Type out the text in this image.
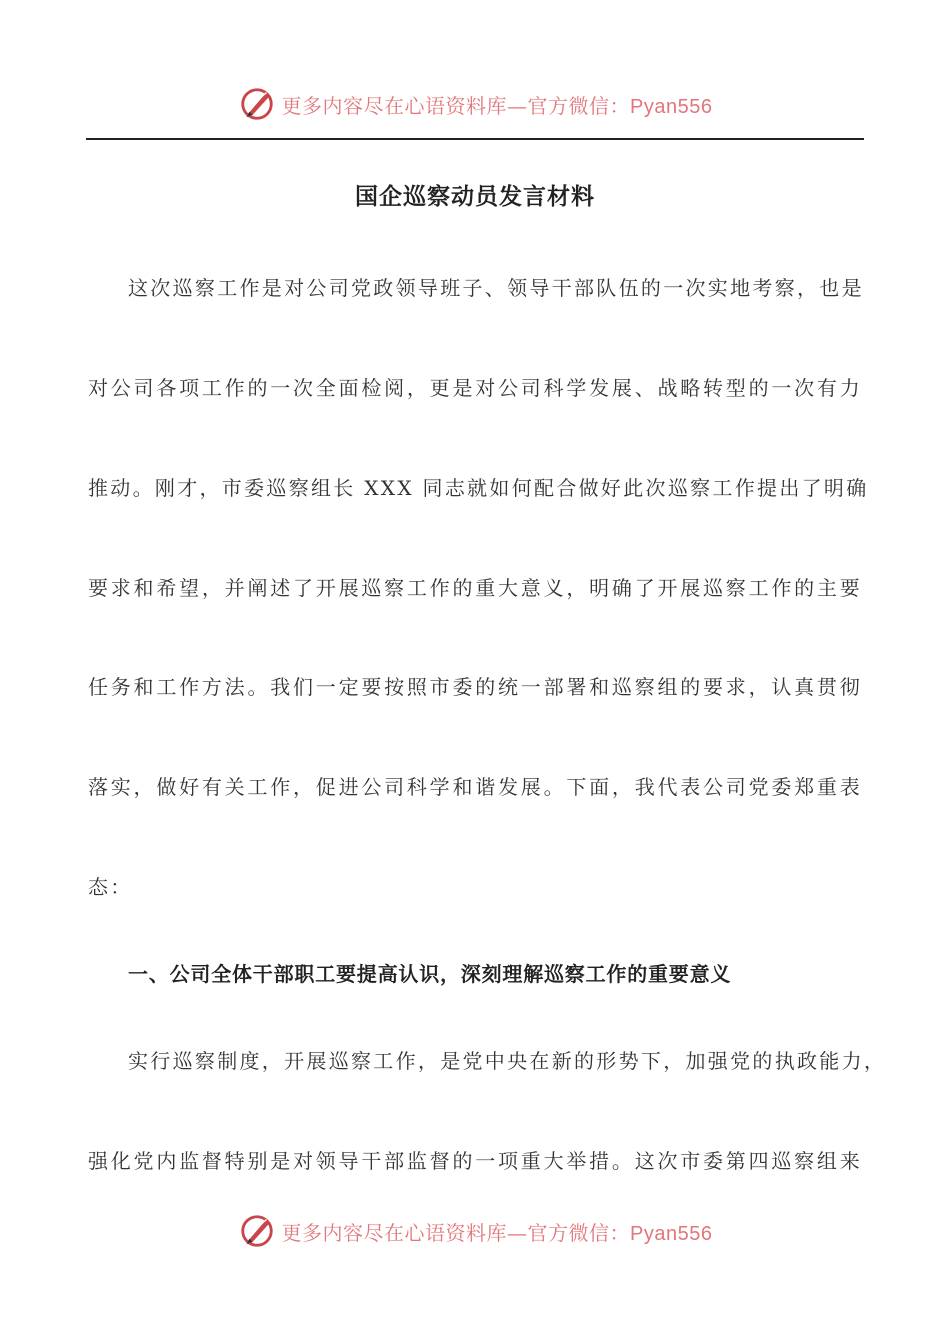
更多内容尽在心语资料库—官方微信：Pyan556
国企巡察动员发言材料
这次巡察工作是对公司党政领导班子、领导干部队伍的一次实地考察，也是
对公司各项工作的一次全面检阅，更是对公司科学发展、战略转型的一次有力
推动。刚才，市委巡察组长 XXX 同志就如何配合做好此次巡察工作提出了明确
要求和希望，并阐述了开展巡察工作的重大意义，明确了开展巡察工作的主要
任务和工作方法。我们一定要按照市委的统一部署和巡察组的要求，认真贯彻
落实，做好有关工作，促进公司科学和谐发展。下面，我代表公司党委郑重表
态：
一、公司全体干部职工要提高认识，深刻理解巡察工作的重要意义
实行巡察制度，开展巡察工作，是党中央在新的形势下，加强党的执政能力，
强化党内监督特别是对领导干部监督的一项重大举措。这次市委第四巡察组来
更多内容尽在心语资料库—官方微信：Pyan556
